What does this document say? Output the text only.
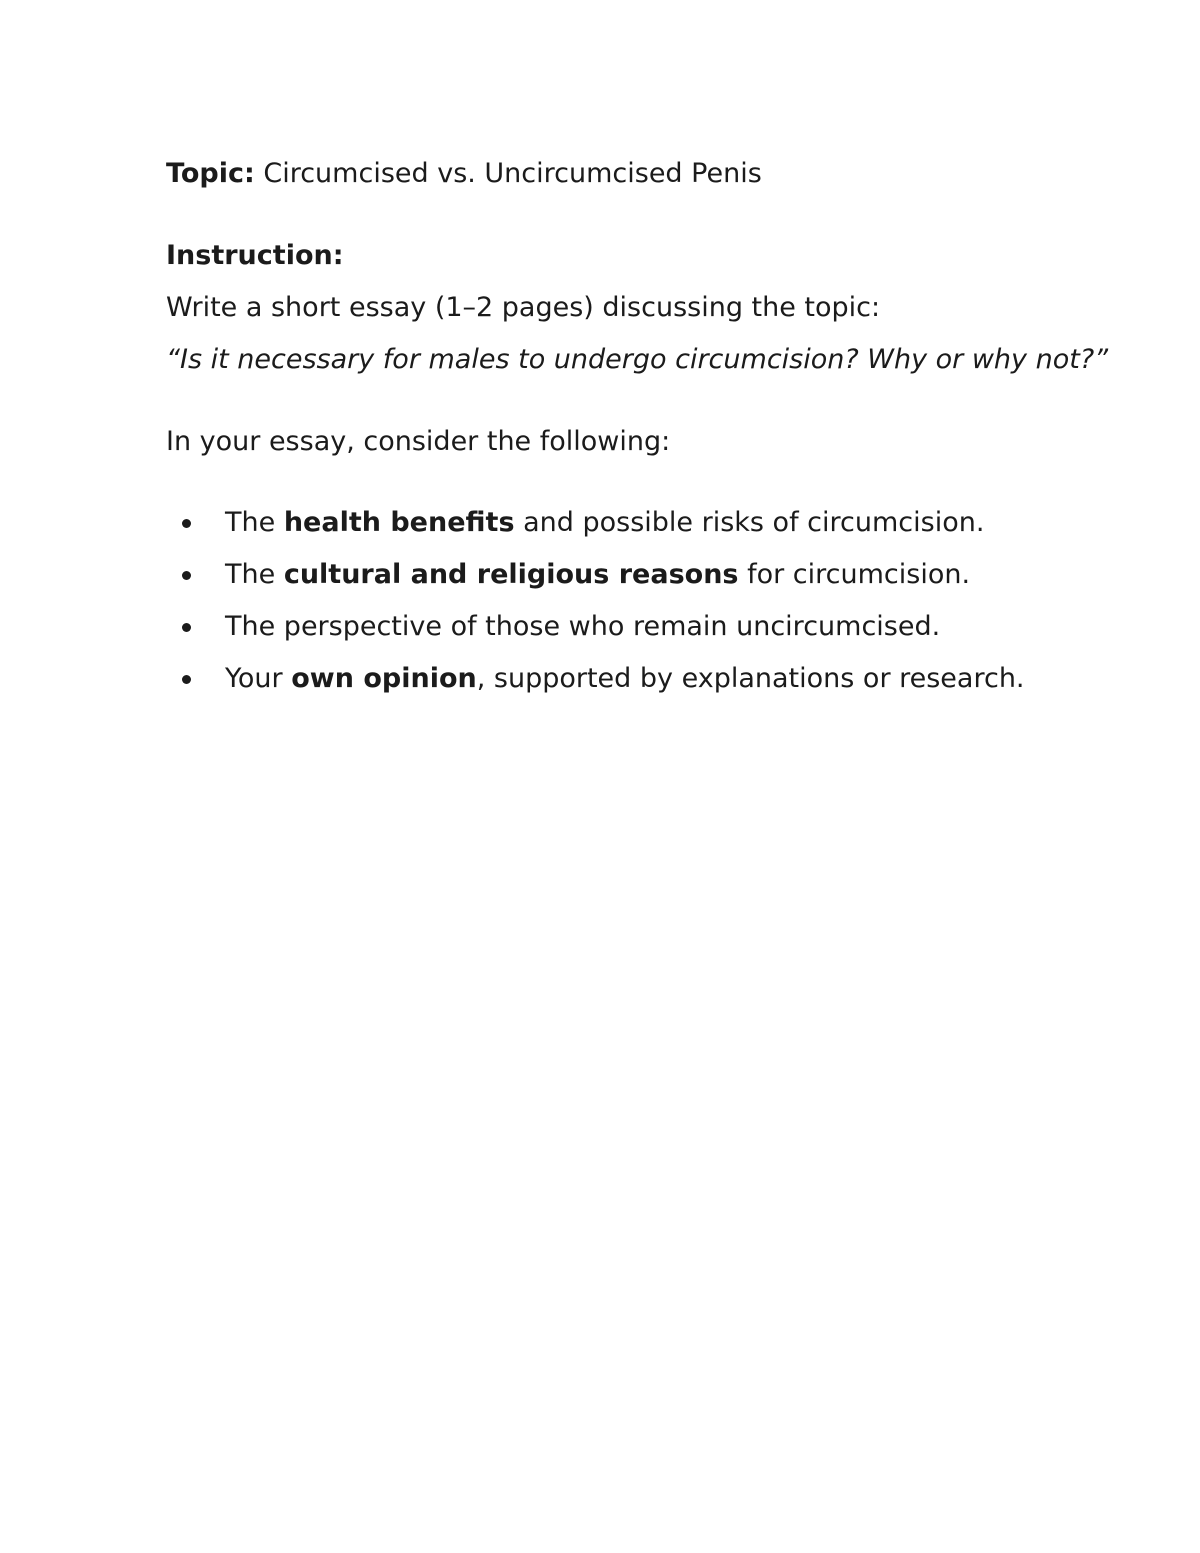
Topic: Circumcised vs. Uncircumcised Penis

Instruction:

Write a short essay (1–2 pages) discussing the topic:

“Is it necessary for males to undergo circumcision? Why or why not?”

In your essay, consider the following:

The health benefits and possible risks of circumcision.
The cultural and religious reasons for circumcision.
The perspective of those who remain uncircumcised.
Your own opinion, supported by explanations or research.
